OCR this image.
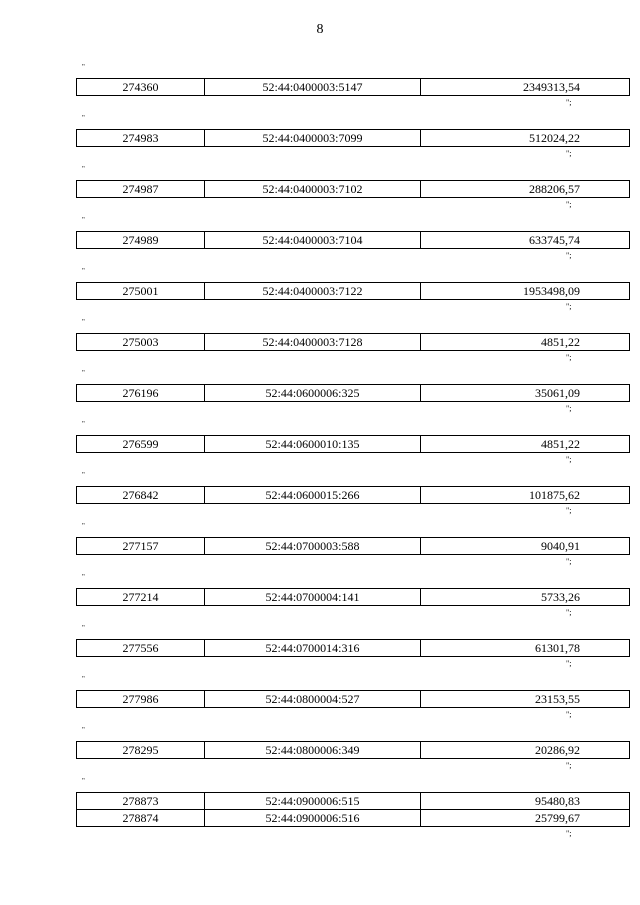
8
"
274360	52:44:0400003:5147	2349313,54
";
"
274983	52:44:0400003:7099	512024,22
";
"
274987	52:44:0400003:7102	288206,57
";
"
274989	52:44:0400003:7104	633745,74
";
"
275001	52:44:0400003:7122	1953498,09
";
"
275003	52:44:0400003:7128	4851,22
";
"
276196	52:44:0600006:325	35061,09
";
"
276599	52:44:0600010:135	4851,22
";
"
276842	52:44:0600015:266	101875,62
";
"
277157	52:44:0700003:588	9040,91
";
"
277214	52:44:0700004:141	5733,26
";
"
277556	52:44:0700014:316	61301,78
";
"
277986	52:44:0800004:527	23153,55
";
"
278295	52:44:0800006:349	20286,92
";
"
278873	52:44:0900006:515	95480,83
278874	52:44:0900006:516	25799,67
";
